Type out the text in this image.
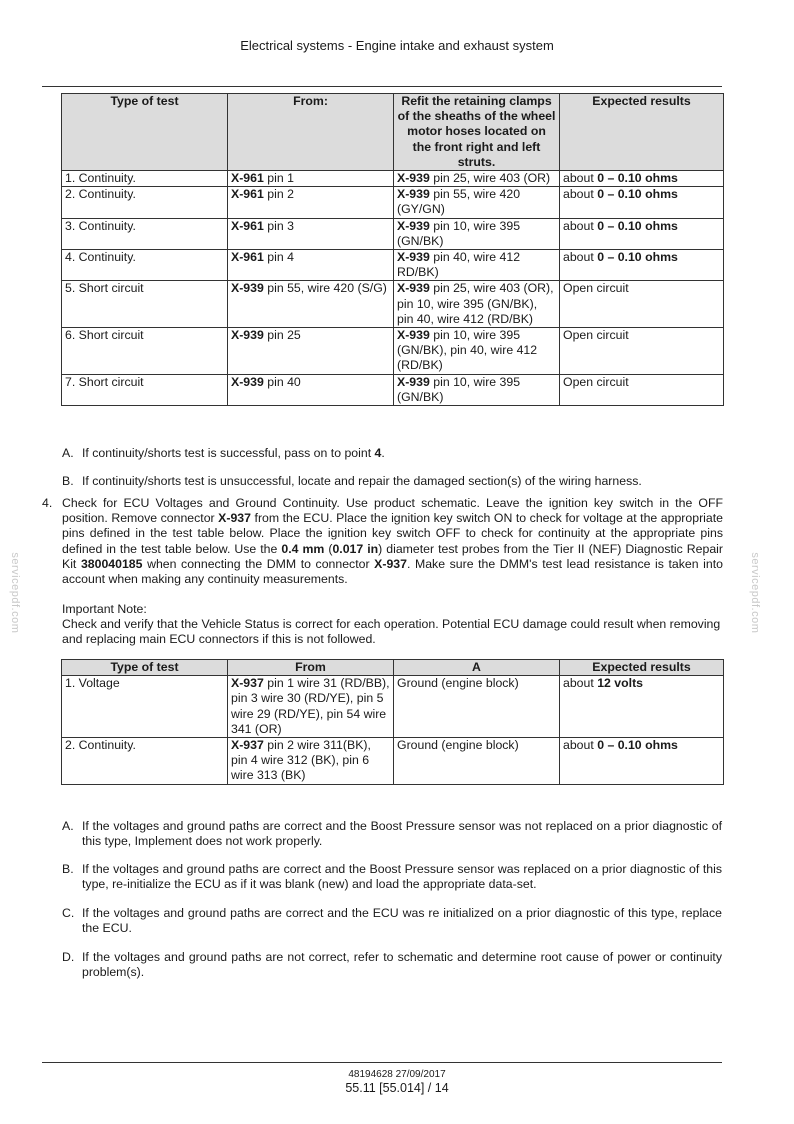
Electrical systems - Engine intake and exhaust system
servicepdf.com	servicepdf.com
Type of test	From:	Refit the retaining clamps of the sheaths of the wheel motor hoses located on the front right and left struts.	Expected results
1. Continuity.	X-961 pin 1	X-939 pin 25, wire 403 (OR)	about 0 – 0.10 ohms
2. Continuity.	X-961 pin 2	X-939 pin 55, wire 420 (GY/GN)	about 0 – 0.10 ohms
3. Continuity.	X-961 pin 3	X-939 pin 10, wire 395 (GN/BK)	about 0 – 0.10 ohms
4. Continuity.	X-961 pin 4	X-939 pin 40, wire 412 RD/BK)	about 0 – 0.10 ohms
5. Short circuit	X-939 pin 55, wire 420 (S/G)	X-939 pin 25, wire 403 (OR), pin 10, wire 395 (GN/BK), pin 40, wire 412 (RD/BK)	Open circuit
6. Short circuit	X-939 pin 25	X-939 pin 10, wire 395 (GN/BK), pin 40, wire 412 (RD/BK)	Open circuit
7. Short circuit	X-939 pin 40	X-939 pin 10, wire 395 (GN/BK)	Open circuit
A. If continuity/shorts test is successful, pass on to point 4.
B. If continuity/shorts test is unsuccessful, locate and repair the damaged section(s) of the wiring harness.
4. Check for ECU Voltages and Ground Continuity. Use product schematic. Leave the ignition key switch in the OFF position. Remove connector X-937 from the ECU. Place the ignition key switch ON to check for voltage at the appropriate pins defined in the test table below. Place the ignition key switch OFF to check for continuity at the appropriate pins defined in the test table below. Use the 0.4 mm (0.017 in) diameter test probes from the Tier II (NEF) Diagnostic Repair Kit 380040185 when connecting the DMM to connector X-937. Make sure the DMM's test lead resistance is taken into account when making any continuity measurements.
Important Note:
Check and verify that the Vehicle Status is correct for each operation. Potential ECU damage could result when removing and replacing main ECU connectors if this is not followed.
Type of test	From	A	Expected results
1. Voltage	X-937 pin 1 wire 31 (RD/BB), pin 3 wire 30 (RD/YE), pin 5 wire 29 (RD/YE), pin 54 wire 341 (OR)	Ground (engine block)	about 12 volts
2. Continuity.	X-937 pin 2 wire 311(BK), pin 4 wire 312 (BK), pin 6 wire 313 (BK)	Ground (engine block)	about 0 – 0.10 ohms
A. If the voltages and ground paths are correct and the Boost Pressure sensor was not replaced on a prior diagnostic of this type, Implement does not work properly.
B. If the voltages and ground paths are correct and the Boost Pressure sensor was replaced on a prior diagnostic of this type, re-initialize the ECU as if it was blank (new) and load the appropriate data-set.
C. If the voltages and ground paths are correct and the ECU was re initialized on a prior diagnostic of this type, replace the ECU.
D. If the voltages and ground paths are not correct, refer to schematic and determine root cause of power or continuity problem(s).
48194628 27/09/2017
55.11 [55.014] / 14
